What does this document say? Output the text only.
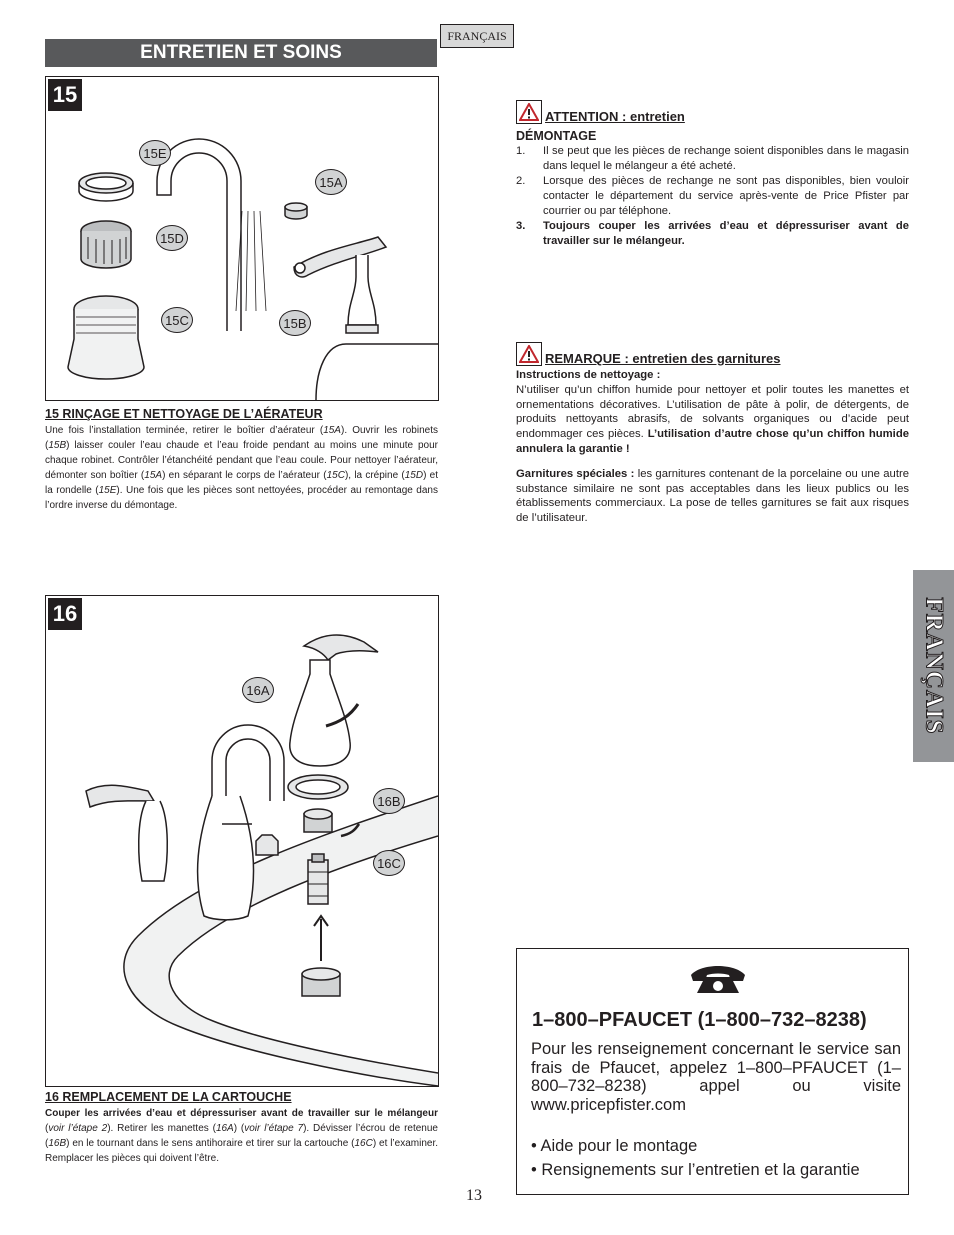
FRANÇAIS
ENTRETIEN ET SOINS
15
15E
15D
15C
15A
15B
15 RINÇAGE ET NETTOYAGE DE L’AÉRATEUR
Une fois l’installation terminée, retirer le boîtier d’aérateur (15A). Ouvrir les robinets (15B) laisser couler l’eau chaude et l’eau froide pendant au moins une minute pour chaque robinet. Contrôler l’étanchéité pendant que l’eau coule. Pour nettoyer l’aérateur, démonter son boîtier (15A) en séparant le corps de l’aérateur (15C), la crépine (15D) et la rondelle (15E). Une fois que les pièces sont nettoyées, procéder au remontage dans l’ordre inverse du démontage.
ATTENTION : entretien
DÉMONTAGE
1.	Il se peut que les pièces de rechange soient disponibles dans le magasin dans lequel le mélangeur a été acheté.
2.	Lorsque des pièces de rechange ne sont pas disponibles, bien vouloir contacter le département du service après-vente de Price Pfister par courrier ou par téléphone.
3.	Toujours couper les arrivées d’eau et dépressuriser avant de travailler sur le mélangeur.
REMARQUE : entretien des garnitures
Instructions de nettoyage :
N’utiliser qu’un chiffon humide pour nettoyer et polir toutes les manettes et ornementations décoratives. L’utilisation de pâte à polir, de détergents, de produits nettoyants abrasifs, de solvants organiques ou d’acide peut endommager ces pièces. L’utilisation d’autre chose qu’un chiffon humide annulera la garantie !
Garnitures spéciales : les garnitures contenant de la porcelaine ou une autre substance similaire ne sont pas acceptables dans les lieux publics ou les établissements commerciaux. La pose de telles garnitures se fait aux risques de l’utilisateur.
16
16A
16B
16C
16 REMPLACEMENT DE LA CARTOUCHE
Couper les arrivées d’eau et dépressuriser avant de travailler sur le mélangeur (voir l’étape 2). Retirer les manettes (16A) (voir l’étape 7). Dévisser l’écrou de retenue (16B) en le tournant dans le sens antihoraire et tirer sur la cartouche (16C) et l’examiner. Remplacer les pièces qui doivent l’être.
FRANÇAIS
1–800–PFAUCET (1–800–732–8238)
Pour les renseignement concernant le service san frais de Pfaucet, appelez 1–800–PFAUCET (1–800–732–8238) appel ou visite www.pricepfister.com
• Aide pour le montage
• Rensignements sur l’entretien et la garantie
13
